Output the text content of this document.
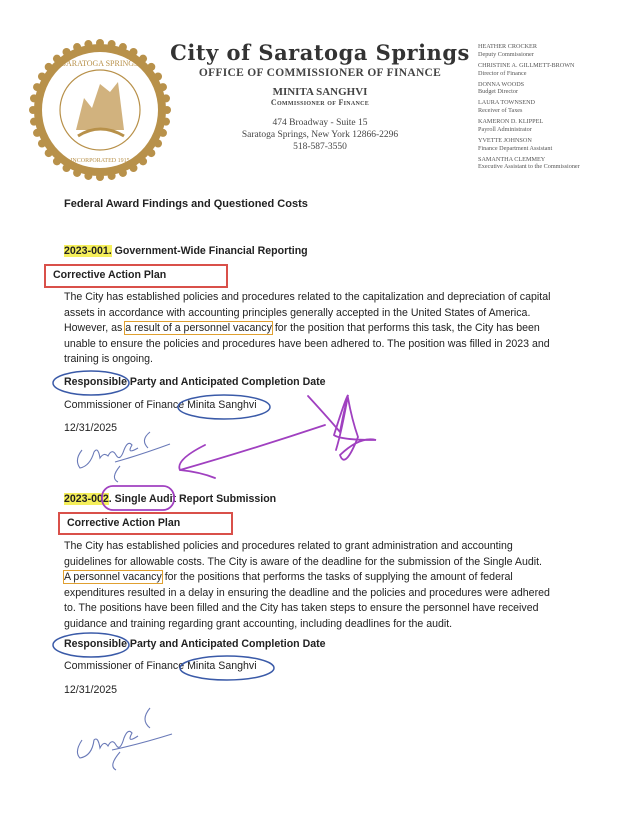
SARATOGA SPRINGS
INCORPORATED 1915
City of Saratoga Springs
OFFICE OF COMMISSIONER OF FINANCE
MINITA SANGHVI
Commissioner of Finance
474 Broadway - Suite 15
Saratoga Springs, New York 12866-2296
518-587-3550
HEATHER CROCKER
Deputy Commissioner
CHRISTINE A. GILLMETT-BROWN
Director of Finance
DONNA WOODS
Budget Director
LAURA TOWNSEND
Receiver of Taxes
KAMERON D. KLIPPEL
Payroll Administrator
YVETTE JOHNSON
Finance Department Assistant
SAMANTHA CLEMMEY
Executive Assistant to the Commissioner
Federal Award Findings and Questioned Costs
2023-001. Government-Wide Financial Reporting
Corrective Action Plan
The City has established policies and procedures related to the capitalization and depreciation of capital
assets in accordance with accounting principles generally accepted in the United States of America.
However, as a result of a personnel vacancy for the position that performs this task, the City has been
unable to ensure the policies and procedures have been adhered to. The position was filled in 2023 and
training is ongoing.
Responsible Party and Anticipated Completion Date
Commissioner of Finance Minita Sanghvi
12/31/2025
2023-002. Single Audit Report Submission
Corrective Action Plan
The City has established policies and procedures related to grant administration and accounting
guidelines for allowable costs. The City is aware of the deadline for the submission of the Single Audit.
A personnel vacancy for the positions that performs the tasks of supplying the amount of federal
expenditures resulted in a delay in ensuring the deadline and the policies and procedures were adhered
to. The positions have been filled and the City has taken steps to ensure the personnel have received
guidance and training regarding grant accounting, including deadlines for the audit.
Responsible Party and Anticipated Completion Date
Commissioner of Finance Minita Sanghvi
12/31/2025
